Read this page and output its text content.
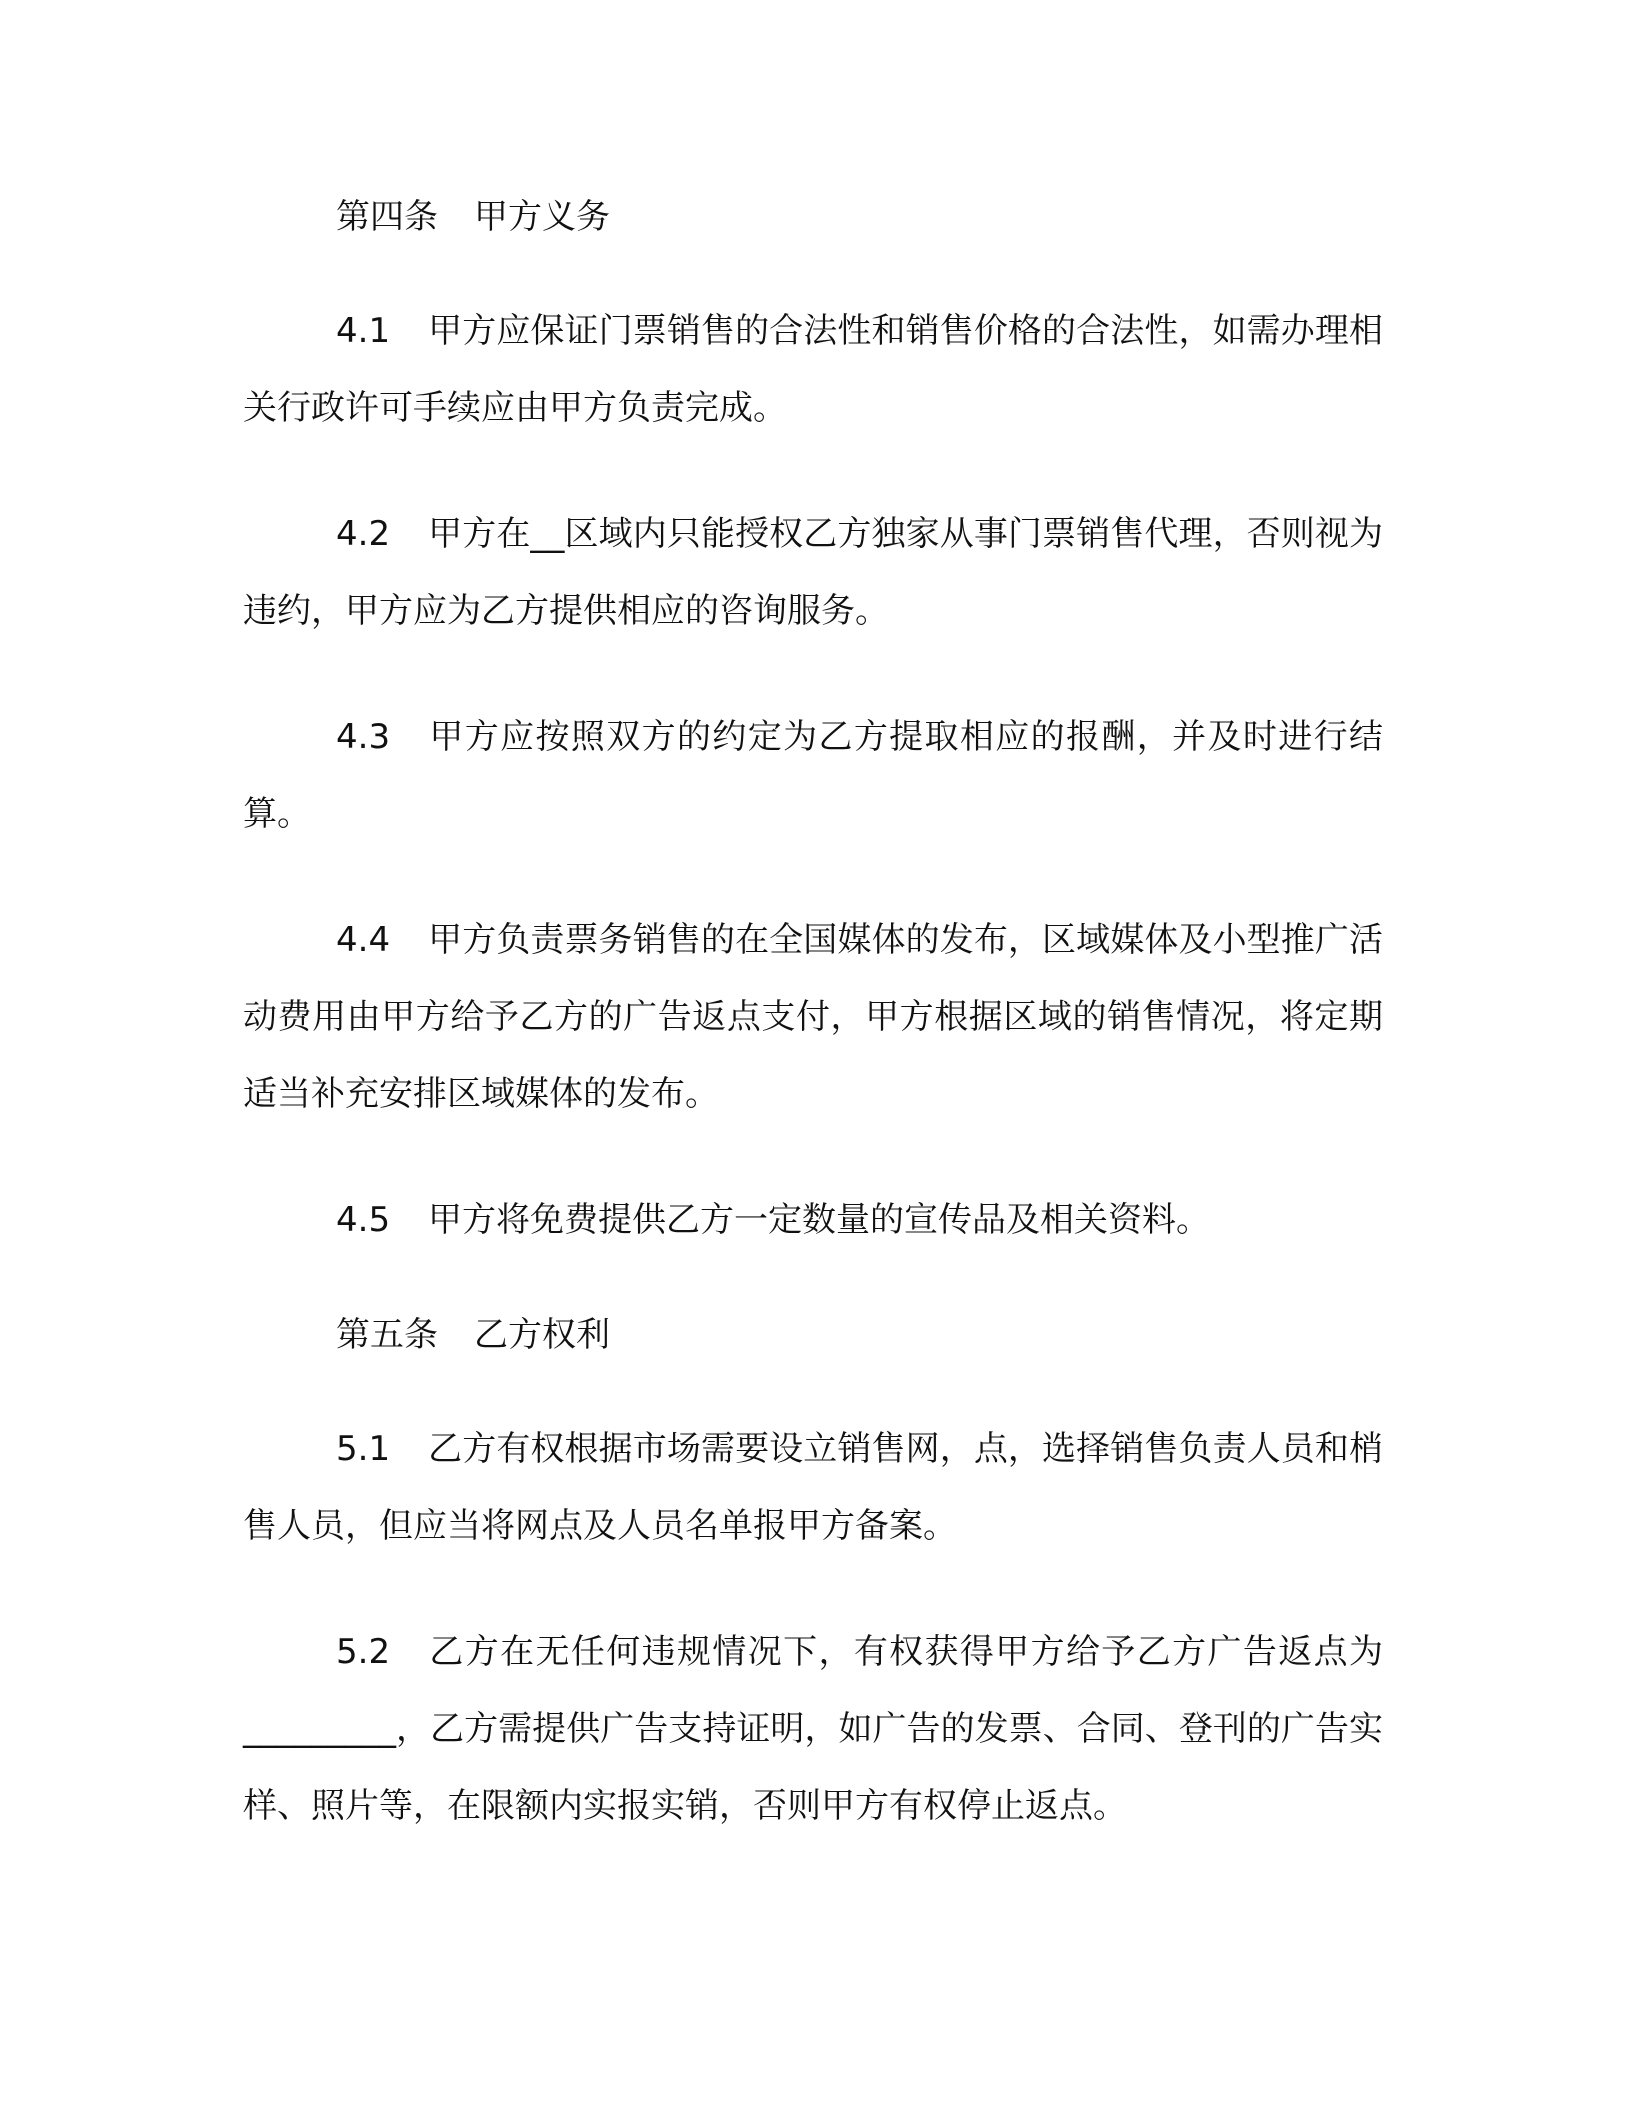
第四条 甲方义务

4.1 甲方应保证门票销售的合法性和销售价格的合法性，如需办理相关行政许可手续应由甲方负责完成。

4.2 甲方在__区域内只能授权乙方独家从事门票销售代理，否则视为违约，甲方应为乙方提供相应的咨询服务。

4.3 甲方应按照双方的约定为乙方提取相应的报酬，并及时进行结算。

4.4 甲方负责票务销售的在全国媒体的发布，区域媒体及小型推广活动费用由甲方给予乙方的广告返点支付，甲方根据区域的销售情况，将定期适当补充安排区域媒体的发布。

4.5 甲方将免费提供乙方一定数量的宣传品及相关资料。

第五条 乙方权利

5.1 乙方有权根据市场需要设立销售网，点，选择销售负责人员和梢售人员，但应当将网点及人员名单报甲方备案。

5.2 乙方在无任何违规情况下，有权获得甲方给予乙方广告返点为_________，乙方需提供广告支持证明，如广告的发票、合同、登刊的广告实样、照片等，在限额内实报实销，否则甲方有权停止返点。
